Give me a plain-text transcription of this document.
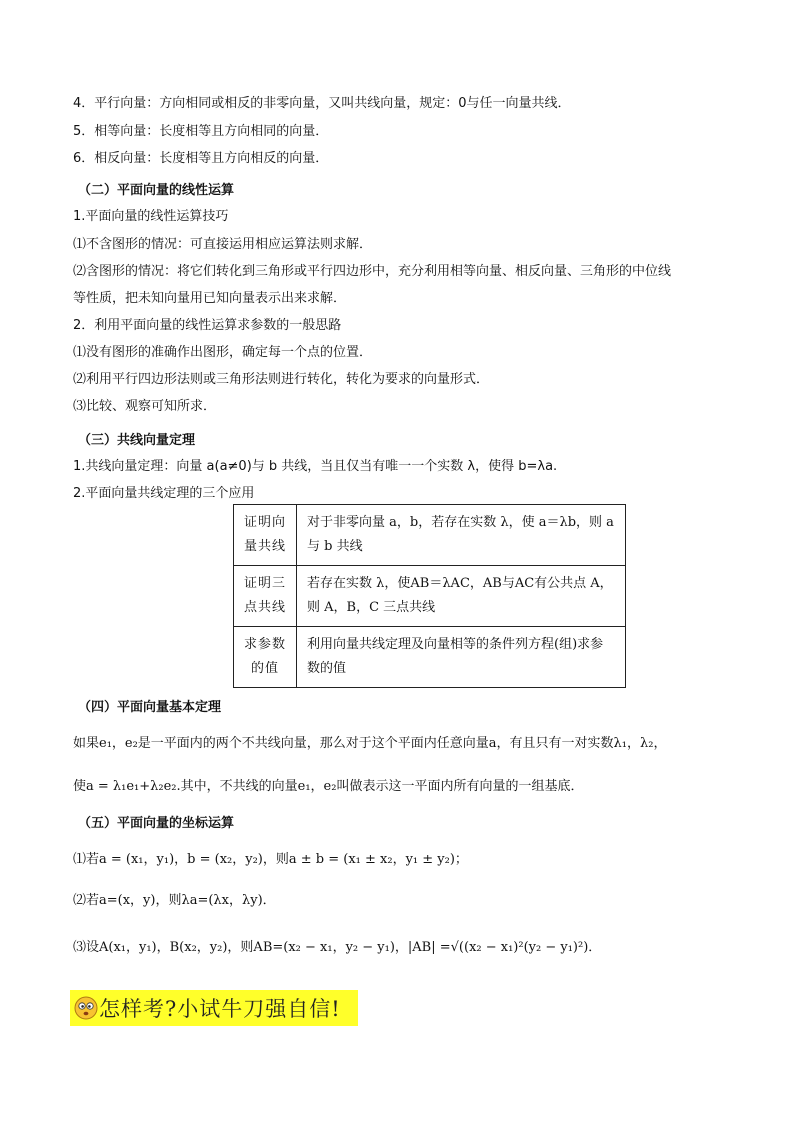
4．平行向量：方向相同或相反的非零向量，又叫共线向量，规定：0与任一向量共线．
5．相等向量：长度相等且方向相同的向量．
6．相反向量：长度相等且方向相反的向量．
（二）平面向量的线性运算
1.平面向量的线性运算技巧
⑴不含图形的情况：可直接运用相应运算法则求解．
⑵含图形的情况：将它们转化到三角形或平行四边形中，充分利用相等向量、相反向量、三角形的中位线
等性质，把未知向量用已知向量表示出来求解．
2．利用平面向量的线性运算求参数的一般思路
⑴没有图形的准确作出图形，确定每一个点的位置．
⑵利用平行四边形法则或三角形法则进行转化，转化为要求的向量形式．
⑶比较、观察可知所求．
（三）共线向量定理
1.共线向量定理：向量 a(a≠0)与 b 共线，当且仅当有唯一一个实数 λ，使得 b=λa.
2.平面向量共线定理的三个应用
证明向量共线	对于非零向量 a，b，若存在实数 λ，使 a＝λb，则 a 与 b 共线
证明三点共线	若存在实数 λ，使AB＝λAC，AB与AC有公共点 A，则 A，B，C 三点共线
求参数的值	利用向量共线定理及向量相等的条件列方程(组)求参数的值
（四）平面向量基本定理
如果e₁，e₂是一平面内的两个不共线向量，那么对于这个平面内任意向量a，有且只有一对实数λ₁，λ₂，
使a = λ₁e₁+λ₂e₂.其中，不共线的向量e₁，e₂叫做表示这一平面内所有向量的一组基底．
（五）平面向量的坐标运算
⑴若a = (x₁，y₁)，b = (x₂，y₂)，则a ± b = (x₁ ± x₂，y₁ ± y₂)；
⑵若a=(x，y)，则λa=(λx，λy)．
⑶设A(x₁，y₁)，B(x₂，y₂)，则AB=(x₂ − x₁，y₂ − y₁)，|AB| =√((x₂ − x₁)²(y₂ − y₁)²)．
怎样考?小试牛刀强自信!
